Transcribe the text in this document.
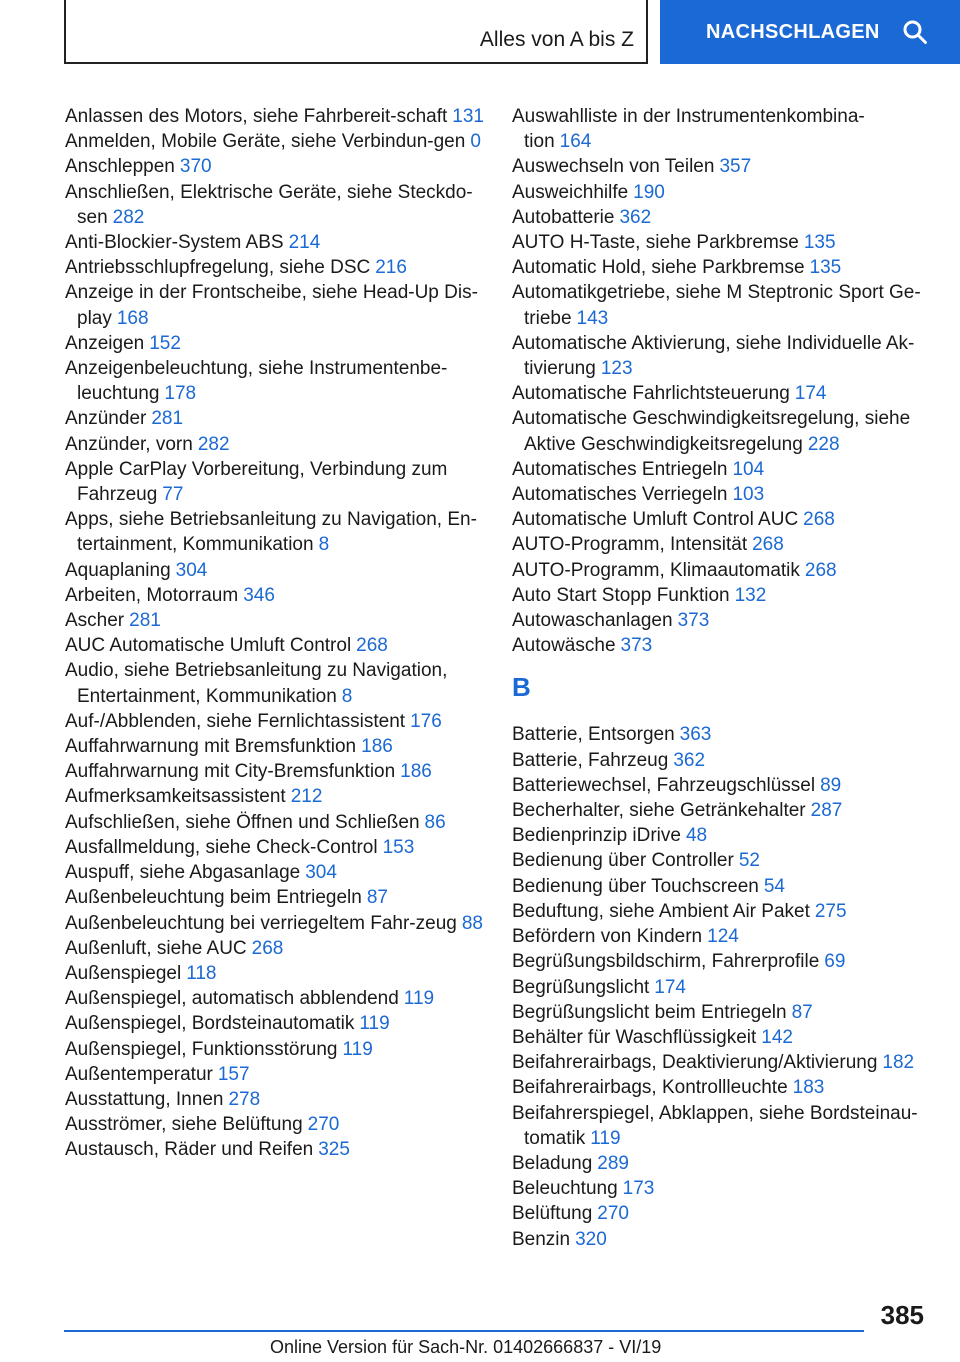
Alles von A bis Z	NACHSCHLAGEN

Anlassen des Motors, siehe Fahrbereit-schaft 131

Anmelden, Mobile Geräte, siehe Verbindun-gen 0

Anschleppen 370

Anschließen, Elektrische Geräte, siehe Steckdo-sen 282

Anti-Blockier-System ABS 214

Antriebsschlupfregelung, siehe DSC 216

Anzeige in der Frontscheibe, siehe Head-Up Dis-play 168

Anzeigen 152

Anzeigenbeleuchtung, siehe Instrumentenbe-leuchtung 178

Anzünder 281

Anzünder, vorn 282

Apple CarPlay Vorbereitung, Verbindung zum Fahrzeug 77

Apps, siehe Betriebsanleitung zu Navigation, En-tertainment, Kommunikation 8

Aquaplaning 304

Arbeiten, Motorraum 346

Ascher 281

AUC Automatische Umluft Control 268

Audio, siehe Betriebsanleitung zu Navigation, Entertainment, Kommunikation 8

Auf-/Abblenden, siehe Fernlichtassistent 176

Auffahrwarnung mit Bremsfunktion 186

Auffahrwarnung mit City-Bremsfunktion 186

Aufmerksamkeitsassistent 212

Aufschließen, siehe Öffnen und Schließen 86

Ausfallmeldung, siehe Check-Control 153

Auspuff, siehe Abgasanlage 304

Außenbeleuchtung beim Entriegeln 87

Außenbeleuchtung bei verriegeltem Fahr-zeug 88

Außenluft, siehe AUC 268

Außenspiegel 118

Außenspiegel, automatisch abblendend 119

Außenspiegel, Bordsteinautomatik 119

Außenspiegel, Funktionsstörung 119

Außentemperatur 157

Ausstattung, Innen 278

Ausströmer, siehe Belüftung 270

Austausch, Räder und Reifen 325

Auswahlliste in der Instrumentenkombina-tion 164

Auswechseln von Teilen 357

Ausweichhilfe 190

Autobatterie 362

AUTO H-Taste, siehe Parkbremse 135

Automatic Hold, siehe Parkbremse 135

Automatikgetriebe, siehe M Steptronic Sport Ge-triebe 143

Automatische Aktivierung, siehe Individuelle Ak-tivierung 123

Automatische Fahrlichtsteuerung 174

Automatische Geschwindigkeitsregelung, siehe Aktive Geschwindigkeitsregelung 228

Automatisches Entriegeln 104

Automatisches Verriegeln 103

Automatische Umluft Control AUC 268

AUTO-Programm, Intensität 268

AUTO-Programm, Klimaautomatik 268

Auto Start Stopp Funktion 132

Autowaschanlagen 373

Autowäsche 373

B

Batterie, Entsorgen 363

Batterie, Fahrzeug 362

Batteriewechsel, Fahrzeugschlüssel 89

Becherhalter, siehe Getränkehalter 287

Bedienprinzip iDrive 48

Bedienung über Controller 52

Bedienung über Touchscreen 54

Beduftung, siehe Ambient Air Paket 275

Befördern von Kindern 124

Begrüßungsbildschirm, Fahrerprofile 69

Begrüßungslicht 174

Begrüßungslicht beim Entriegeln 87

Behälter für Waschflüssigkeit 142

Beifahrerairbags, Deaktivierung/Aktivierung 182

Beifahrerairbags, Kontrollleuchte 183

Beifahrerspiegel, Abklappen, siehe Bordsteinau-tomatik 119

Beladung 289

Beleuchtung 173

Belüftung 270

Benzin 320

385
Online Version für Sach-Nr. 01402666837 - VI/19
